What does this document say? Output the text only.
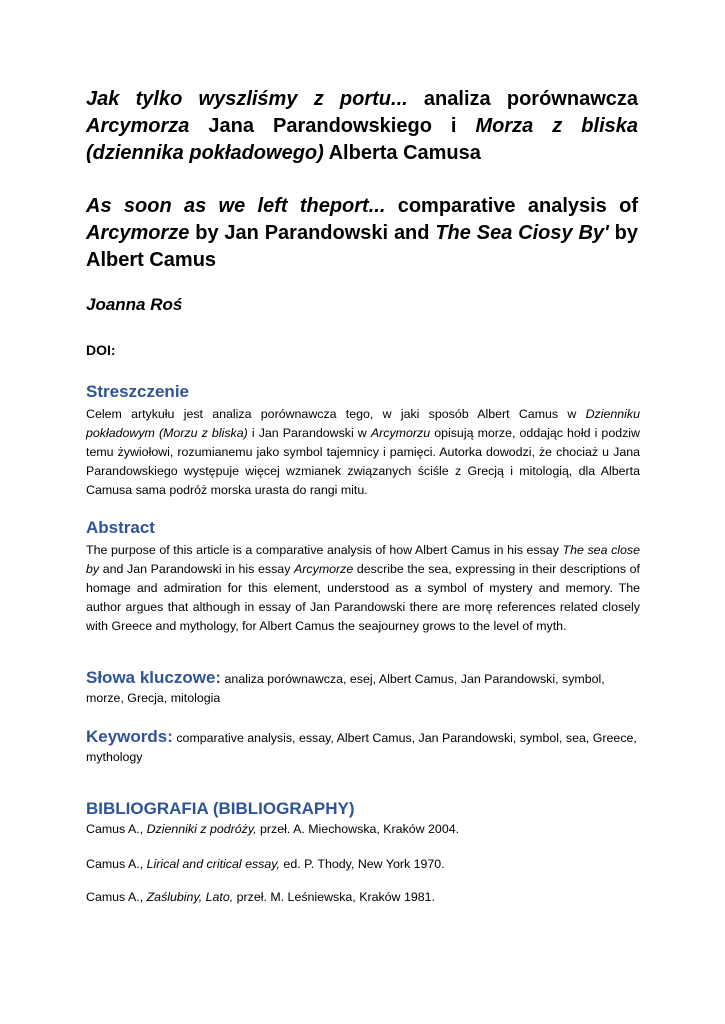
Jak tylko wyszliśmy z portu... analiza porównawcza Arcymorza Jana Parandowskiego i Morza z bliska (dziennika pokładowego) Alberta Camusa

As soon as we left theport... comparative analysis of Arcymorze by Jan Parandowski and The Sea Ciosy By' by Albert Camus

Joanna Roś

DOI:

Streszczenie

Celem artykułu jest analiza porównawcza tego, w jaki sposób Albert Camus w Dzienniku pokładowym (Morzu z bliska) i Jan Parandowski w Arcymorzu opisują morze, oddając hołd i podziw temu żywiołowi, rozumianemu jako symbol tajemnicy i pamięci. Autorka dowodzi, że chociaż u Jana Parandowskiego występuje więcej wzmianek związanych ściśle z Grecją i mitologią, dla Alberta Camusa sama podróż morska urasta do rangi mitu.

Abstract

The purpose of this article is a comparative analysis of how Albert Camus in his essay The sea close by and Jan Parandowski in his essay Arcymorze describe the sea, expressing in their descriptions of homage and admiration for this element, understood as a symbol of mystery and memory. The author argues that although in essay of Jan Parandowski there are morę references related closely with Greece and mythology, for Albert Camus the seajourney grows to the level of myth.

Słowa kluczowe: analiza porównawcza, esej, Albert Camus, Jan Parandowski, symbol, morze, Grecja, mitologia

Keywords: comparative analysis, essay, Albert Camus, Jan Parandowski, symbol, sea, Greece, mythology

BIBLIOGRAFIA (BIBLIOGRAPHY)

Camus A., Dzienniki z podróży, przeł. A. Miechowska, Kraków 2004.

Camus A., Lirical and critical essay, ed. P. Thody, New York 1970.

Camus A., Zaślubiny, Lato, przeł. M. Leśniewska, Kraków 1981.
